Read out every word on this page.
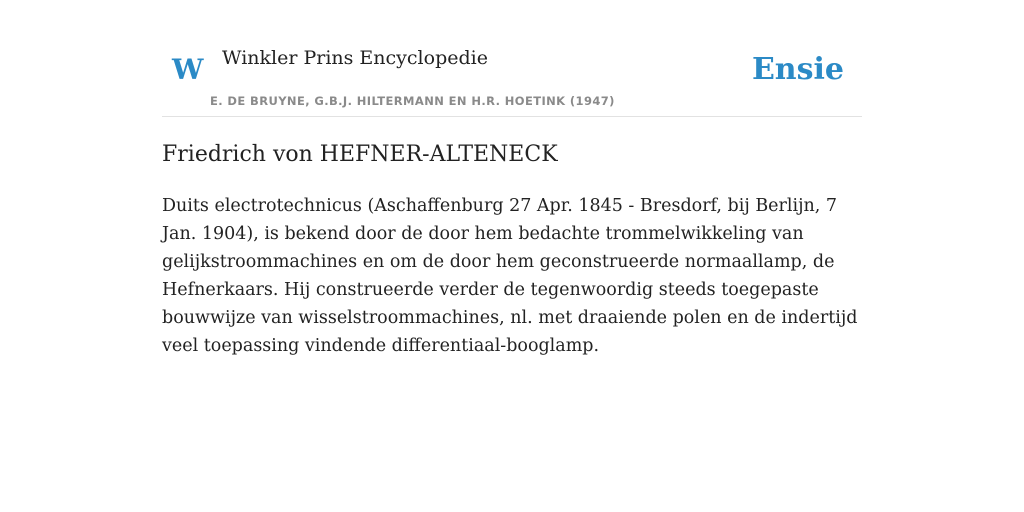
W Winkler Prins Encyclopedie
E. DE BRUYNE, G.B.J. HILTERMANN EN H.R. HOETINK (1947)
Ensie
Friedrich von HEFNER-ALTENECK

Duits electrotechnicus (Aschaffenburg 27 Apr. 1845 - Bresdorf, bij Berlijn, 7 Jan. 1904), is bekend door de door hem bedachte trommelwikkeling van gelijkstroommachines en om de door hem geconstrueerde normaallamp, de Hefnerkaars. Hij construeerde verder de tegenwoordig steeds toegepaste bouwwijze van wisselstroommachines, nl. met draaiende polen en de indertijd veel toepassing vindende differentiaal-booglamp.
